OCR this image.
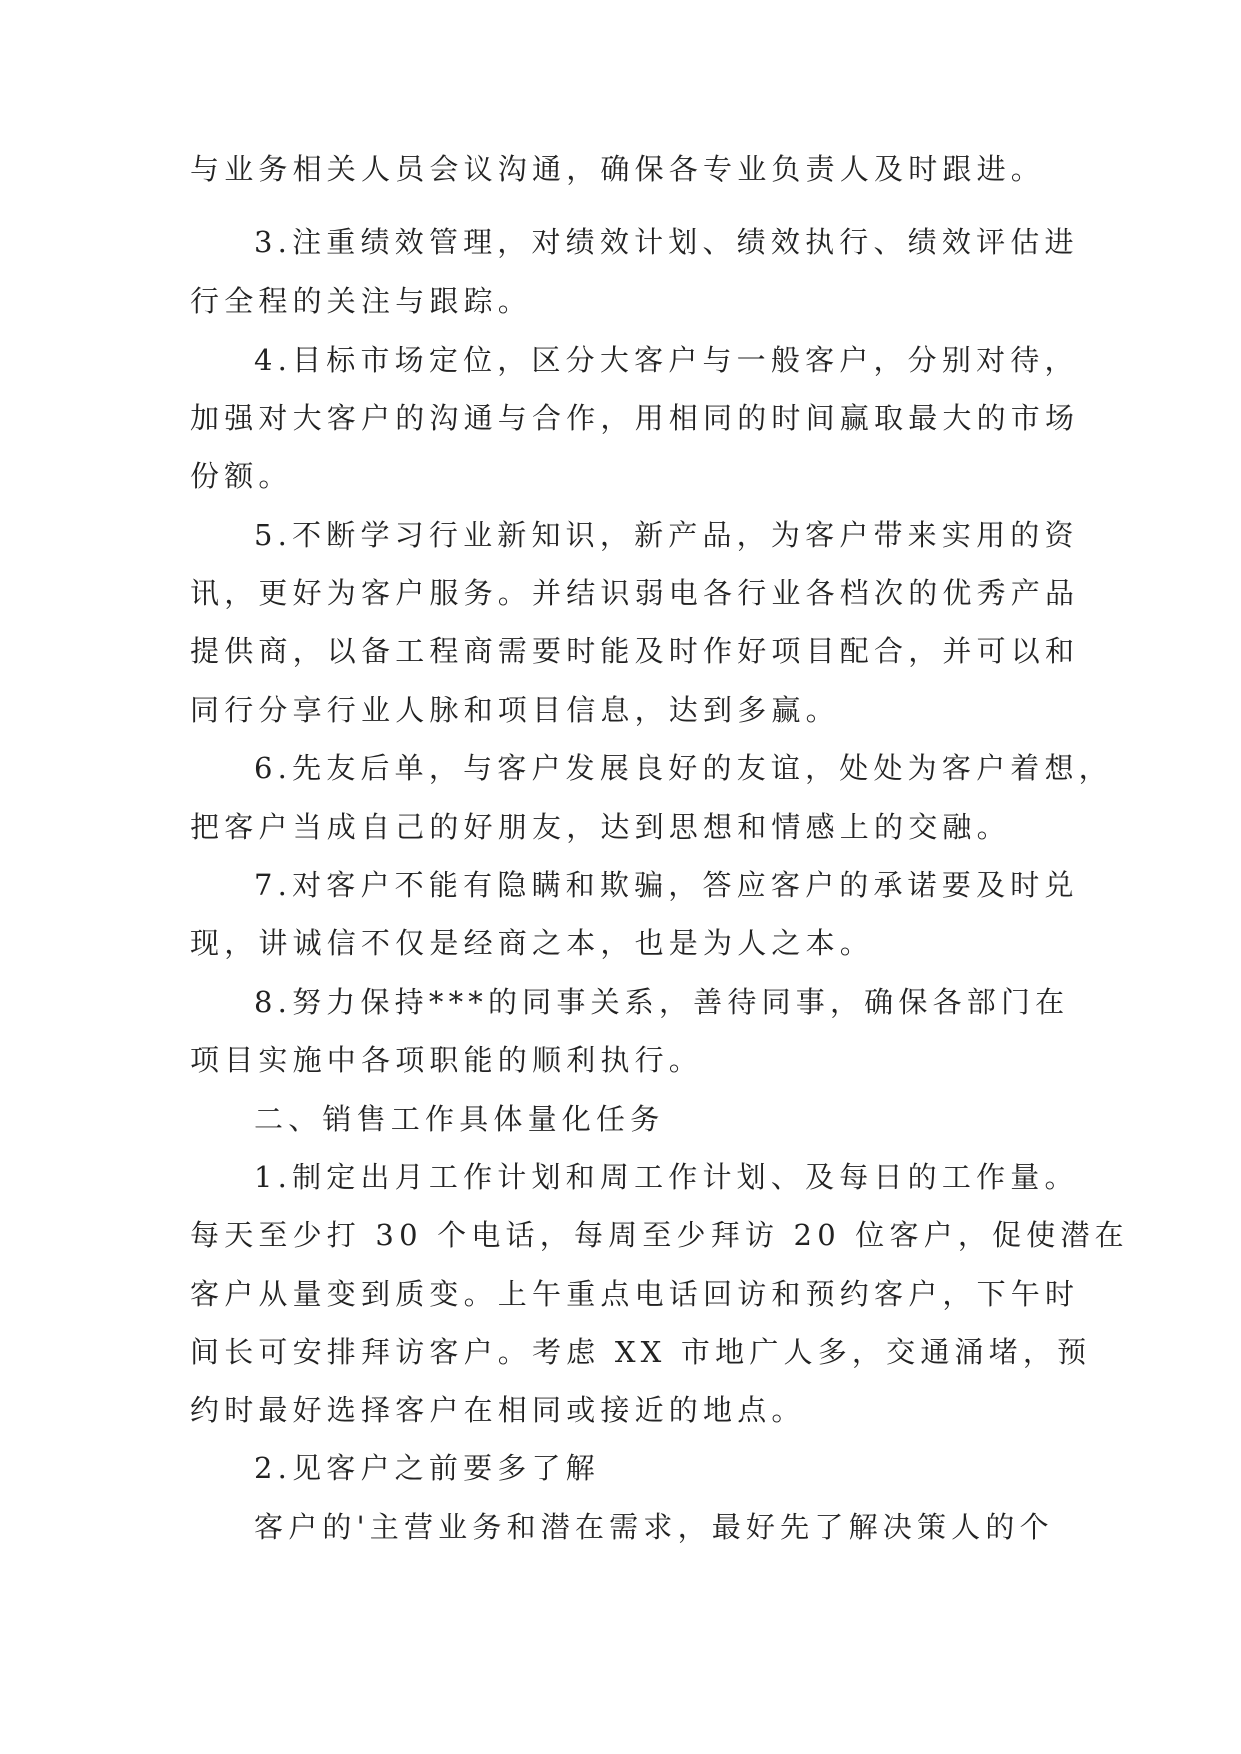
与业务相关人员会议沟通，确保各专业负责人及时跟进。
3.注重绩效管理，对绩效计划、绩效执行、绩效评估进
行全程的关注与跟踪。
4.目标市场定位，区分大客户与一般客户，分别对待，
加强对大客户的沟通与合作，用相同的时间赢取最大的市场
份额。
5.不断学习行业新知识，新产品，为客户带来实用的资
讯，更好为客户服务。并结识弱电各行业各档次的优秀产品
提供商，以备工程商需要时能及时作好项目配合，并可以和
同行分享行业人脉和项目信息，达到多赢。
6.先友后单，与客户发展良好的友谊，处处为客户着想，
把客户当成自己的好朋友，达到思想和情感上的交融。
7.对客户不能有隐瞒和欺骗，答应客户的承诺要及时兑
现，讲诚信不仅是经商之本，也是为人之本。
8.努力保持***的同事关系，善待同事，确保各部门在
项目实施中各项职能的顺利执行。
二、销售工作具体量化任务
1.制定出月工作计划和周工作计划、及每日的工作量。
每天至少打 30 个电话，每周至少拜访 20 位客户，促使潜在
客户从量变到质变。上午重点电话回访和预约客户，下午时
间长可安排拜访客户。考虑 XX 市地广人多，交通涌堵，预
约时最好选择客户在相同或接近的地点。
2.见客户之前要多了解
客户的'主营业务和潜在需求，最好先了解决策人的个
